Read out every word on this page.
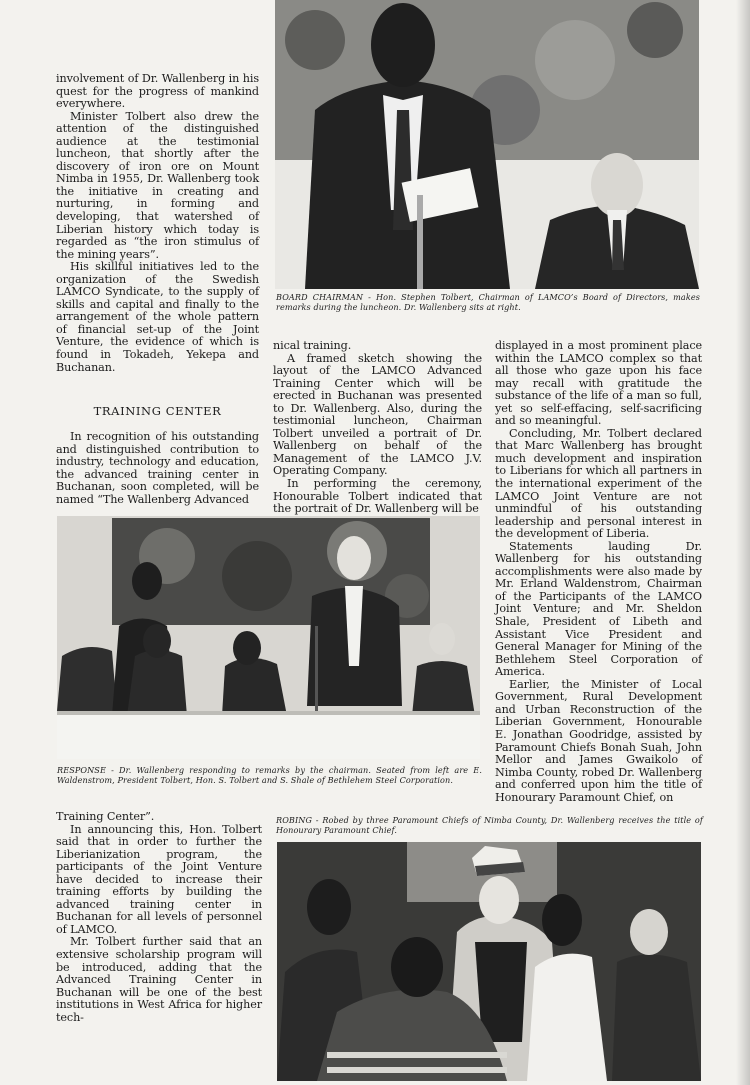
involvement of Dr. Wallenberg in his quest for the progress of mankind everywhere.

Minister Tolbert also drew the attention of the distinguished audience at the testimonial luncheon, that shortly after the discovery of iron ore on Mount Nimba in 1955, Dr. Wallenberg took the initiative in creating and nurturing, in forming and developing, that watershed of Liberian history which today is regarded as “the iron stimulus of the mining years”.

His skillful initiatives led to the organization of the Swedish LAMCO Syndicate, to the supply of skills and capital and finally to the arrangement of the whole pattern of financial set-up of the Joint Venture, the evidence of which is found in Tokadeh, Yekepa and Buchanan.

BOARD CHAIRMAN - Hon. Stephen Tolbert, Chairman of LAMCO’s Board of Directors, makes remarks during the luncheon. Dr. Wallenberg sits at right.
TRAINING CENTER

In recognition of his outstanding and distinguished contribution to industry, technology and education, the advanced training center in Buchanan, soon completed, will be named “The Wallenberg Advanced

nical training.

A framed sketch showing the layout of the LAMCO Advanced Training Center which will be erected in Buchanan was presented to Dr. Wallenberg. Also, during the testimonial luncheon, Chairman Tolbert unveiled a portrait of Dr. Wallenberg on behalf of the Management of the LAMCO J.V. Operating Company.

In performing the ceremony, Honourable Tolbert indicated that the portrait of Dr. Wallenberg will be

displayed in a most prominent place within the LAMCO complex so that all those who gaze upon his face may recall with gratitude the substance of the life of a man so full, yet so self-effacing, self-sacrificing and so meaningful.

Concluding, Mr. Tolbert declared that Marc Wallenberg has brought much development and inspiration to Liberians for which all partners in the international experiment of the LAMCO Joint Venture are not unmindful of his outstanding leadership and personal interest in the development of Liberia.

Statements lauding Dr. Wallenberg for his outstanding accomplishments were also made by Mr. Erland Waldenstrom, Chairman of the Participants of the LAMCO Joint Venture; and Mr. Sheldon Shale, President of Libeth and Assistant Vice President and General Manager for Mining of the Bethlehem Steel Corporation of America.

Earlier, the Minister of Local Government, Rural Development and Urban Reconstruction of the Liberian Government, Honourable E. Jonathan Goodridge, assisted by Paramount Chiefs Bonah Suah, John Mellor and James Gwaikolo of Nimba County, robed Dr. Wallenberg and conferred upon him the title of Honourary Paramount Chief, on

RESPONSE - Dr. Wallenberg responding to remarks by the chairman. Seated from left are E. Waldenstrom, President Tolbert, Hon. S. Tolbert and S. Shale of Bethlehem Steel Corporation.

Training Center”.

In announcing this, Hon. Tolbert said that in order to further the Liberianization program, the participants of the Joint Venture have decided to increase their training efforts by building the advanced training center in Buchanan for all levels of personnel of LAMCO.

Mr. Tolbert further said that an extensive scholarship program will be introduced, adding that the Advanced Training Center in Buchanan will be one of the best institutions in West Africa for higher tech-

ROBING - Robed by three Paramount Chiefs of Nimba County, Dr. Wallenberg receives the title of Honourary Paramount Chief.
